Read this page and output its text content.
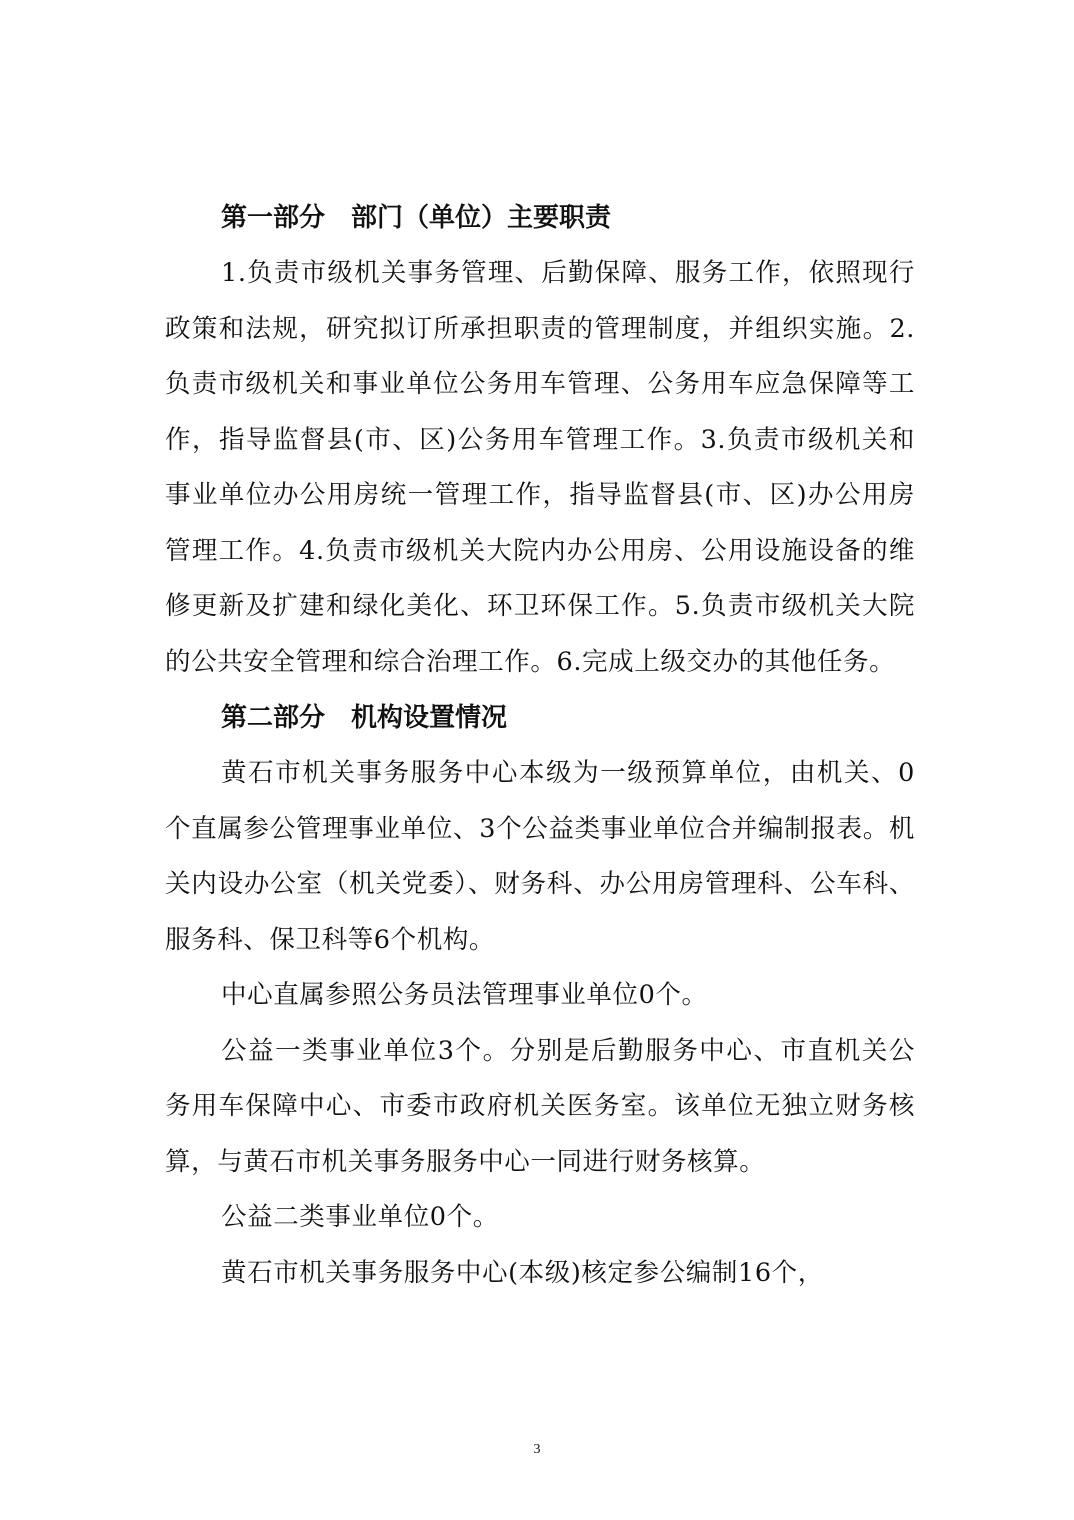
第一部分　部门（单位）主要职责

1.负责市级机关事务管理、后勤保障、服务工作，依照现行政策和法规，研究拟订所承担职责的管理制度，并组织实施。2.负责市级机关和事业单位公务用车管理、公务用车应急保障等工作，指导监督县(市、区)公务用车管理工作。3.负责市级机关和事业单位办公用房统一管理工作，指导监督县(市、区)办公用房管理工作。4.负责市级机关大院内办公用房、公用设施设备的维修更新及扩建和绿化美化、环卫环保工作。5.负责市级机关大院的公共安全管理和综合治理工作。6.完成上级交办的其他任务。

第二部分　机构设置情况

黄石市机关事务服务中心本级为一级预算单位，由机关、0个直属参公管理事业单位、3个公益类事业单位合并编制报表。机关内设办公室（机关党委）、财务科、办公用房管理科、公车科、服务科、保卫科等6个机构。

中心直属参照公务员法管理事业单位0个。

公益一类事业单位3个。分别是后勤服务中心、市直机关公务用车保障中心、市委市政府机关医务室。该单位无独立财务核算，与黄石市机关事务服务中心一同进行财务核算。

公益二类事业单位0个。

黄石市机关事务服务中心(本级)核定参公编制16个，

3
